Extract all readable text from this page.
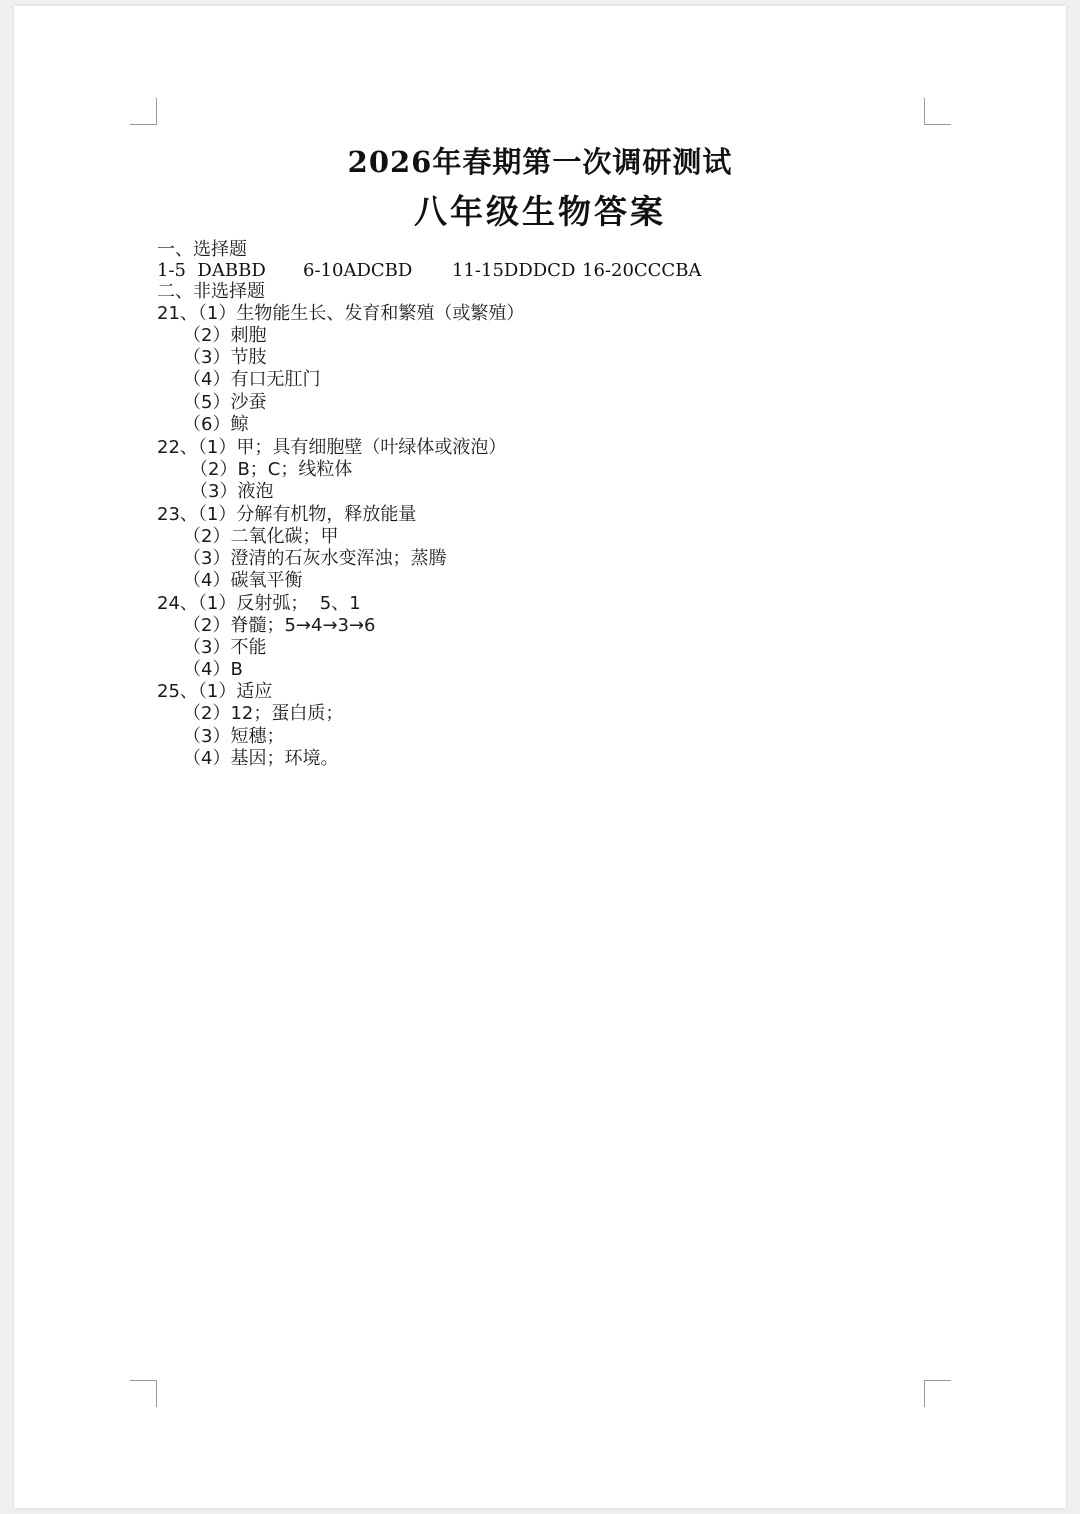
2026年春期第一次调研测试
八年级生物答案
一、选择题
1-5  DABBD 6-10ADCBD 11-15DDDCD 16-20CCCBA
二、非选择题
21、（1）生物能生长、发育和繁殖（或繁殖）
（2）刺胞
（3）节肢
（4）有口无肛门
（5）沙蚕
（6）鲸
22、（1）甲；具有细胞壁（叶绿体或液泡）
（2）B；C；线粒体
（3）液泡
23、（1）分解有机物，释放能量
（2）二氧化碳；甲
（3）澄清的石灰水变浑浊；蒸腾
（4）碳氧平衡
24、（1）反射弧；  5、1
（2）脊髓；5→4→3→6
（3）不能
（4）B
25、（1）适应
（2）12；蛋白质；
（3）短穗；
（4）基因；环境。
